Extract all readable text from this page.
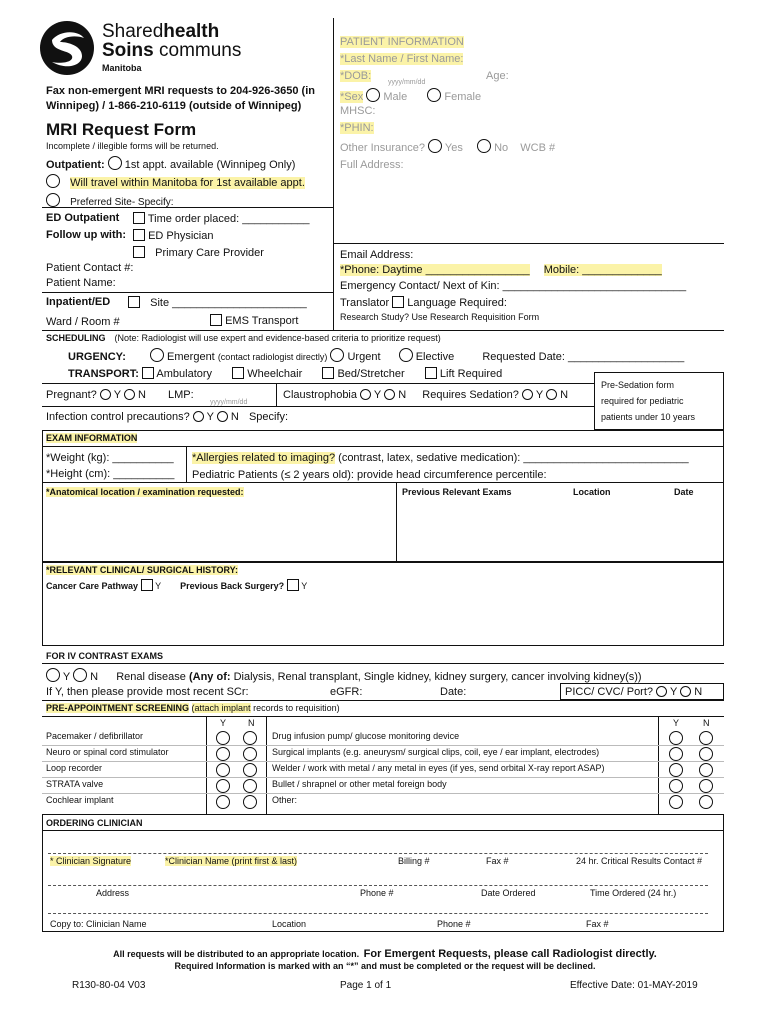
Sharedhealth
Soins communs
Manitoba
Fax non-emergent MRI requests to 204-926-3650 (in
Winnipeg) / 1-866-210-6119 (outside of Winnipeg)
MRI Request Form
Incomplete / illegible forms will be returned.
PATIENT INFORMATION
*Last Name / First Name:
*DOB:
yyyy/mm/dd
Age:
*Sex Male	Female
MHSC:
*PHIN:
Other Insurance? Yes	No WCB #
Full Address:
Email Address:
*Phone: Daytime _________________ Mobile: _____________
Emergency Contact/ Next of Kin: ______________________________
Translator Language Required:
Research Study? Use Research Requisition Form
Outpatient: 1st appt. available (Winnipeg Only)
Will travel within Manitoba for 1st available appt.
Preferred Site- Specify:
ED Outpatient	Time order placed: ___________
Follow up with:	ED Physician
Primary Care Provider
Patient Contact #:
Patient Name:
Inpatient/ED	Site ______________________
Ward / Room #	EMS Transport
SCHEDULING (Note: Radiologist will use expert and evidence-based criteria to prioritize request)
URGENCY:	Emergent (contact radiologist directly) Urgent	Elective	Requested Date: ___________________
TRANSPORT: Ambulatory	Wheelchair	Bed/Stretcher	Lift Required
Pregnant? Y N LMP:
yyyy/mm/dd
Claustrophobia Y N Requires Sedation? Y N
Pre-Sedation form
required for pediatric
patients under 10 years
Infection control precautions? Y N Specify:
EXAM INFORMATION
*Weight (kg): __________
*Height (cm): __________
*Allergies related to imaging? (contrast, latex, sedative medication): ___________________________
Pediatric Patients (≤ 2 years old): provide head circumference percentile:
*Anatomical location / examination requested:	Previous Relevant Exams	Location	Date
*RELEVANT CLINICAL/ SURGICAL HISTORY:
Cancer Care Pathway Y Previous Back Surgery? Y
FOR IV CONTRAST EXAMS
Y N Renal disease (Any of: Dialysis, Renal transplant, Single kidney, kidney surgery, cancer involving kidney(s))
If Y, then please provide most recent SCr:	eGFR:	Date:	PICC/ CVC/ Port? Y N
PRE-APPOINTMENT SCREENING (attach implant records to requisition)
Y N	Y	N
Pacemaker / defibrillator	Drug infusion pump/ glucose monitoring device
Neuro or spinal cord stimulator	Surgical implants (e.g. aneurysm/ surgical clips, coil, eye / ear implant, electrodes)
Loop recorder	Welder / work with metal / any metal in eyes (if yes, send orbital X-ray report ASAP)
STRATA valve	Bullet / shrapnel or other metal foreign body
Cochlear implant	Other:
ORDERING CLINICIAN
* Clinician Signature	*Clinician Name (print first & last)	Billing #	Fax #	24 hr. Critical Results Contact #
Address	Phone #	Date Ordered	Time Ordered (24 hr.)
Copy to: Clinician Name	Location	Phone #	Fax #
All requests will be distributed to an appropriate location. For Emergent Requests, please call Radiologist directly.
Required Information is marked with an “*” and must be completed or the request will be declined.
R130-80-04 V03	Page 1 of 1	Effective Date: 01-MAY-2019
